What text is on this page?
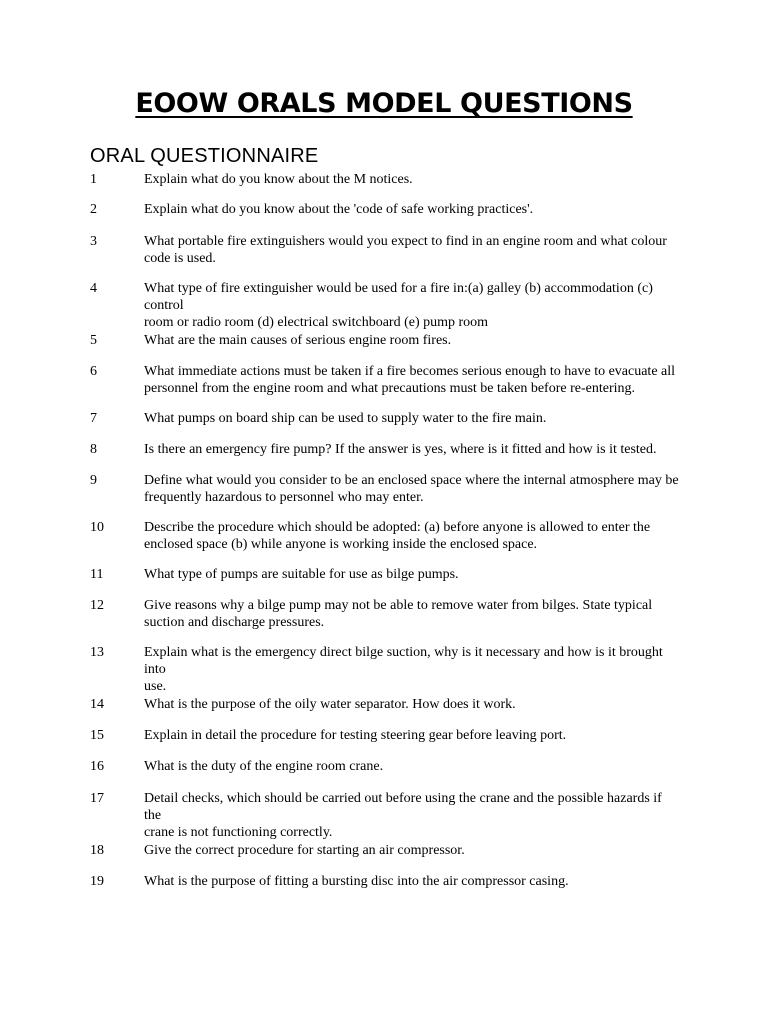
EOOW ORALS MODEL QUESTIONS
ORAL QUESTIONNAIRE
1	Explain what do you know about the M notices.
2	Explain what do you know about the 'code of safe working practices'.
3	What portable fire extinguishers would you expect to find in an engine room and what colour
code is used.
4	What type of fire extinguisher would be used for a fire in:(a) galley (b) accommodation (c)
control
room or radio room (d) electrical switchboard (e) pump room
5	What are the main causes of serious engine room fires.
6	What immediate actions must be taken if a fire becomes serious enough to have to evacuate all
personnel from the engine room and what precautions must be taken before re-entering.
7	What pumps on board ship can be used to supply water to the fire main.
8	Is there an emergency fire pump? If the answer is yes, where is it fitted and how is it tested.
9	Define what would you consider to be an enclosed space where the internal atmosphere may be
frequently hazardous to personnel who may enter.
10	Describe the procedure which should be adopted: (a) before anyone is allowed to enter the
enclosed space (b) while anyone is working inside the enclosed space.
11	What type of pumps are suitable for use as bilge pumps.
12	Give reasons why a bilge pump may not be able to remove water from bilges. State typical
suction and discharge pressures.
13	Explain what is the emergency direct bilge suction, why is it necessary and how is it brought
into
use.
14	What is the purpose of the oily water separator. How does it work.
15	Explain in detail the procedure for testing steering gear before leaving port.
16	What is the duty of the engine room crane.
17	Detail checks, which should be carried out before using the crane and the possible hazards if
the
crane is not functioning correctly.
18	Give the correct procedure for starting an air compressor.
19	What is the purpose of fitting a bursting disc into the air compressor casing.
